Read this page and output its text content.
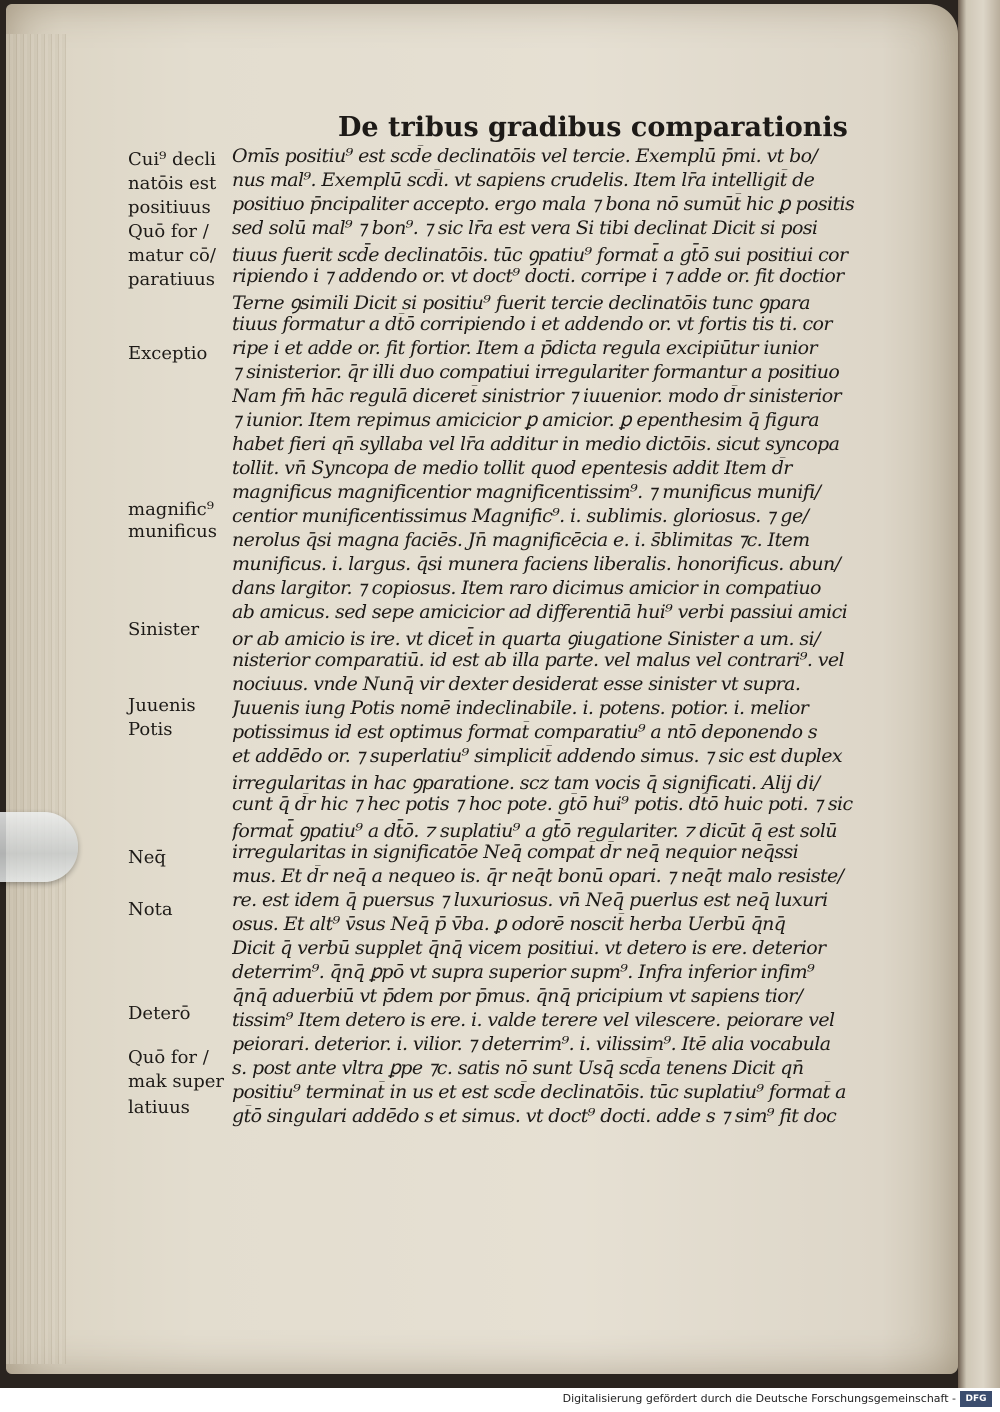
De tribus gradibus comparationis
Cui⁹ decli
natōis est
positiuus
Quō for /
matur cō/
paratiuus
Exceptio
magnific⁹
munificus
Sinister
Juuenis
Potis
Neq̄
Nota
Deterō
Quō for /
mak super
latiuus
Omīs positiu⁹ est scd̄e declinatōis vel tercie. Exemplū p̄mi. vt bo/
nus mal⁹. Exemplū scd̄i. vt sapiens crudelis. Item lr̄a intelligit̄ de
positiuo p̄ncipaliter accepto. ergo mala ⁊ bona nō sumūt̄ hic ꝑ positis
sed solū mal⁹ ⁊ bon⁹. ⁊ sic lr̄a est vera Si tibi declinat Dicit si posi
tiuus fuerit scd̄e declinatōis. tūc ꝯpatiu⁹ format̄ a gt̄ō sui positiui cor
ripiendo i ⁊ addendo or. vt doct⁹ docti. corripe i ⁊ adde or. fit doctior
Terne ꝯsimili Dicit si positiu⁹ fuerit tercie declinatōis tunc ꝯpara
tiuus formatur a dt̄ō corripiendo i et addendo or. vt fortis tis ti. cor
ripe i et adde or. fit fortior. Item a p̄dicta regula excipiūtur iunior
⁊ sinisterior. q̄r illi duo compatiui irregulariter formantur a positiuo
Nam fm̄ hāc regulā diceret̄ sinistrior ⁊ iuuenior. modo d̄r sinisterior
⁊ iunior. Item repimus amicicior ꝑ amicior. ꝑ epenthesim q̄ figura
habet fieri qn̄ syllaba vel lr̄a additur in medio dictōis. sicut syncopa
tollit. vn̄ Syncopa de medio tollit quod epentesis addit Item d̄r
magnificus magnificentior magnificentissim⁹. ⁊ munificus munifi/
centior munificentissimus Magnific⁹. i. sublimis. gloriosus. ⁊ ge/
nerolus q̄si magna faciēs. Jn̄ magnificēcia e. i. s̄blimitas ⁊c. Item
munificus. i. largus. q̄si munera faciens liberalis. honorificus. abun/
dans largitor. ⁊ copiosus. Item raro dicimus amicior in compatiuo
ab amicus. sed sepe amicicior ad differentiā hui⁹ verbi passiui amici
or ab amicio is ire. vt dicet̄ in quarta ꝯiugatione Sinister a um. si/
nisterior comparatiū. id est ab illa parte. vel malus vel contrari⁹. vel
nociuus. vnde Nunq̄ vir dexter desiderat esse sinister vt supra.
Juuenis iung Potis nomē indeclinabile. i. potens. potior. i. melior
potissimus id est optimus format̄ comparatiu⁹ a ntō deponendo s
et addēdo or. ⁊ superlatiu⁹ simplicit̄ addendo simus. ⁊ sic est duplex
irregularitas in hac ꝯparatione. scz tam vocis q̄ significati. Alij di/
cunt q̄ d̄r hic ⁊ hec potis ⁊ hoc pote. gt̄ō hui⁹ potis. dt̄ō huic poti. ⁊ sic
format̄ ꝯpatiu⁹ a dt̄ō. ⁊ suplatiu⁹ a gt̄ō regulariter. ⁊ dicūt q̄ est solū
irregularitas in significatōe Neq̄ compat̄ d̄r neq̄ nequior neq̄ssi
mus. Et d̄r neq̄ a nequeo is. q̄r neq̄t bonū opari. ⁊ neq̄t malo resiste/
re. est idem q̄ puersus ⁊ luxuriosus. vn̄ Neq̄ puerlus est neq̄ luxuri
osus. Et alt⁹ v̄sus Neq̄ p̄ v̄ba. ꝑ odorē noscit̄ herba Uerbū q̄nq̄
Dicit q̄ verbū supplet q̄nq̄ vicem positiui. vt detero is ere. deterior
deterrim⁹. q̄nq̄ ꝑpō vt supra superior supm⁹. Infra inferior infim⁹
q̄nq̄ aduerbiū vt p̄dem por p̄mus. q̄nq̄ pricipium vt sapiens tior/
tissim⁹ Item detero is ere. i. valde terere vel vilescere. peiorare vel
peiorari. deterior. i. vilior. ⁊ deterrim⁹. i. vilissim⁹. Itē alia vocabula
s. post ante vltra ꝑpe ⁊c. satis nō sunt Usq̄ scd̄a tenens Dicit qn̄
positiu⁹ terminat̄ in us et est scd̄e declinatōis. tūc suplatiu⁹ format̄ a
gt̄ō singulari addēdo s et simus. vt doct⁹ docti. adde s ⁊ sim⁹ fit doc
Digitalisierung gefördert durch die Deutsche Forschungsgemeinschaft -	DFG
